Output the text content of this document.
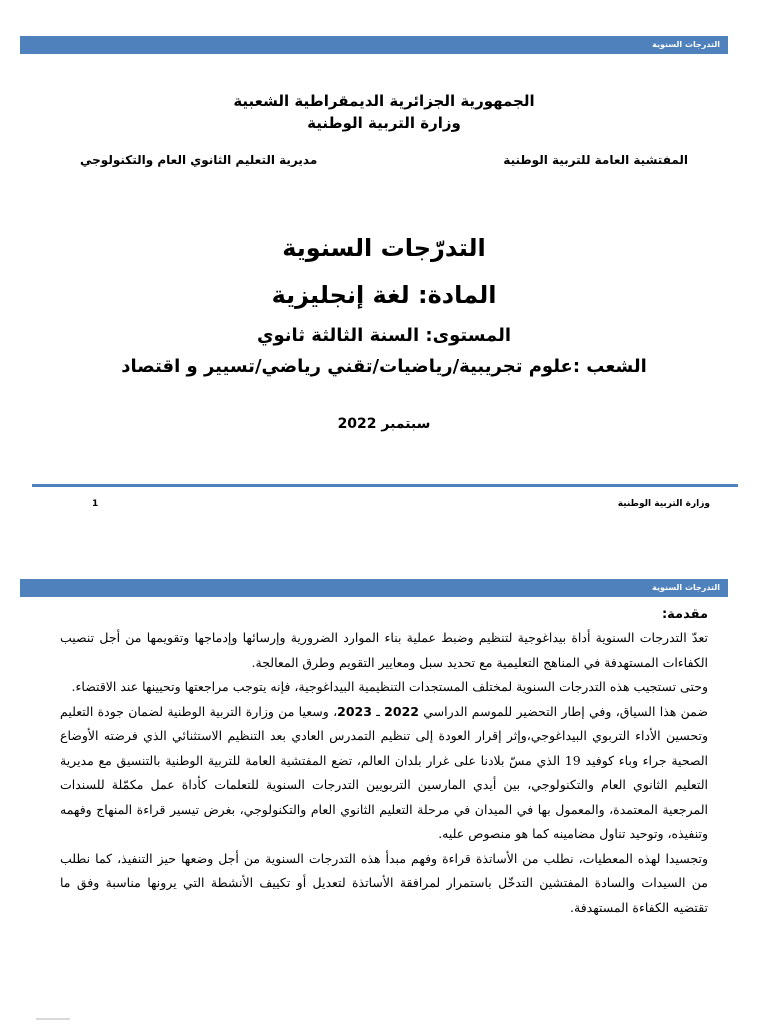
التدرجات السنوية
الجمهورية الجزائرية الديمقراطية الشعبية
وزارة التربية الوطنية
المفتشية العامة للتربية الوطنية
مديرية التعليم الثانوي العام والتكنولوجي
التدرّجات السنوية
المادة: لغة إنجليزية
المستوى: السنة الثالثة ثانوي
الشعب :علوم تجريبية/رياضيات/تقني رياضي/تسيير و اقتصاد
سبتمبر 2022
وزارة التربية الوطنية
1
التدرجات السنوية
مقدمة:

تعدّ التدرجات السنوية أداة بيداغوجية لتنظيم وضبط عملية بناء الموارد الضرورية وإرسائها وإدماجها وتقويمها من أجل تنصيب الكفاءات المستهدفة في المناهج التعليمية مع تحديد سبل ومعايير التقويم وطرق المعالجة.

وحتى تستجيب هذه التدرجات السنوية لمختلف المستجدات التنظيمية البيداغوجية، فإنه يتوجب مراجعتها وتحيينها عند الاقتضاء.

ضمن هذا السياق، وفي إطار التحضير للموسم الدراسي 2022 ـ 2023، وسعيا من وزارة التربية الوطنية لضمان جودة التعليم وتحسين الأداء التربوي البيداغوجي،وإثر إقرار العودة إلى تنظيم التمدرس العادي بعد التنظيم الاستثنائي الذي فرضته الأوضاع الصحية جراء وباء كوفيد 19 الذي مسّ بلادنا على غرار بلدان العالم، تضع المفتشية العامة للتربية الوطنية بالتنسيق مع مديرية التعليم الثانوي العام والتكنولوجي، بين أيدي المارسين التربويين التدرجات السنوية للتعلمات كأداة عمل مكمّلة للسندات المرجعية المعتمدة، والمعمول بها في الميدان في مرحلة التعليم الثانوي العام والتكنولوجي، بغرض تيسير قراءة المنهاج وفهمه وتنفيذه، وتوحيد تناول مضامينه كما هو منصوص عليه.

وتجسيدا لهذه المعطيات، نطلب من الأساتذة قراءة وفهم مبدأ هذه التدرجات السنوية من أجل وضعها حيز التنفيذ، كما نطلب من السيدات والسادة المفتشين التدخّل باستمرار لمرافقة الأساتذة لتعديل أو تكييف الأنشطة التي يرونها مناسبة وفق ما تقتضيه الكفاءة المستهدفة.
